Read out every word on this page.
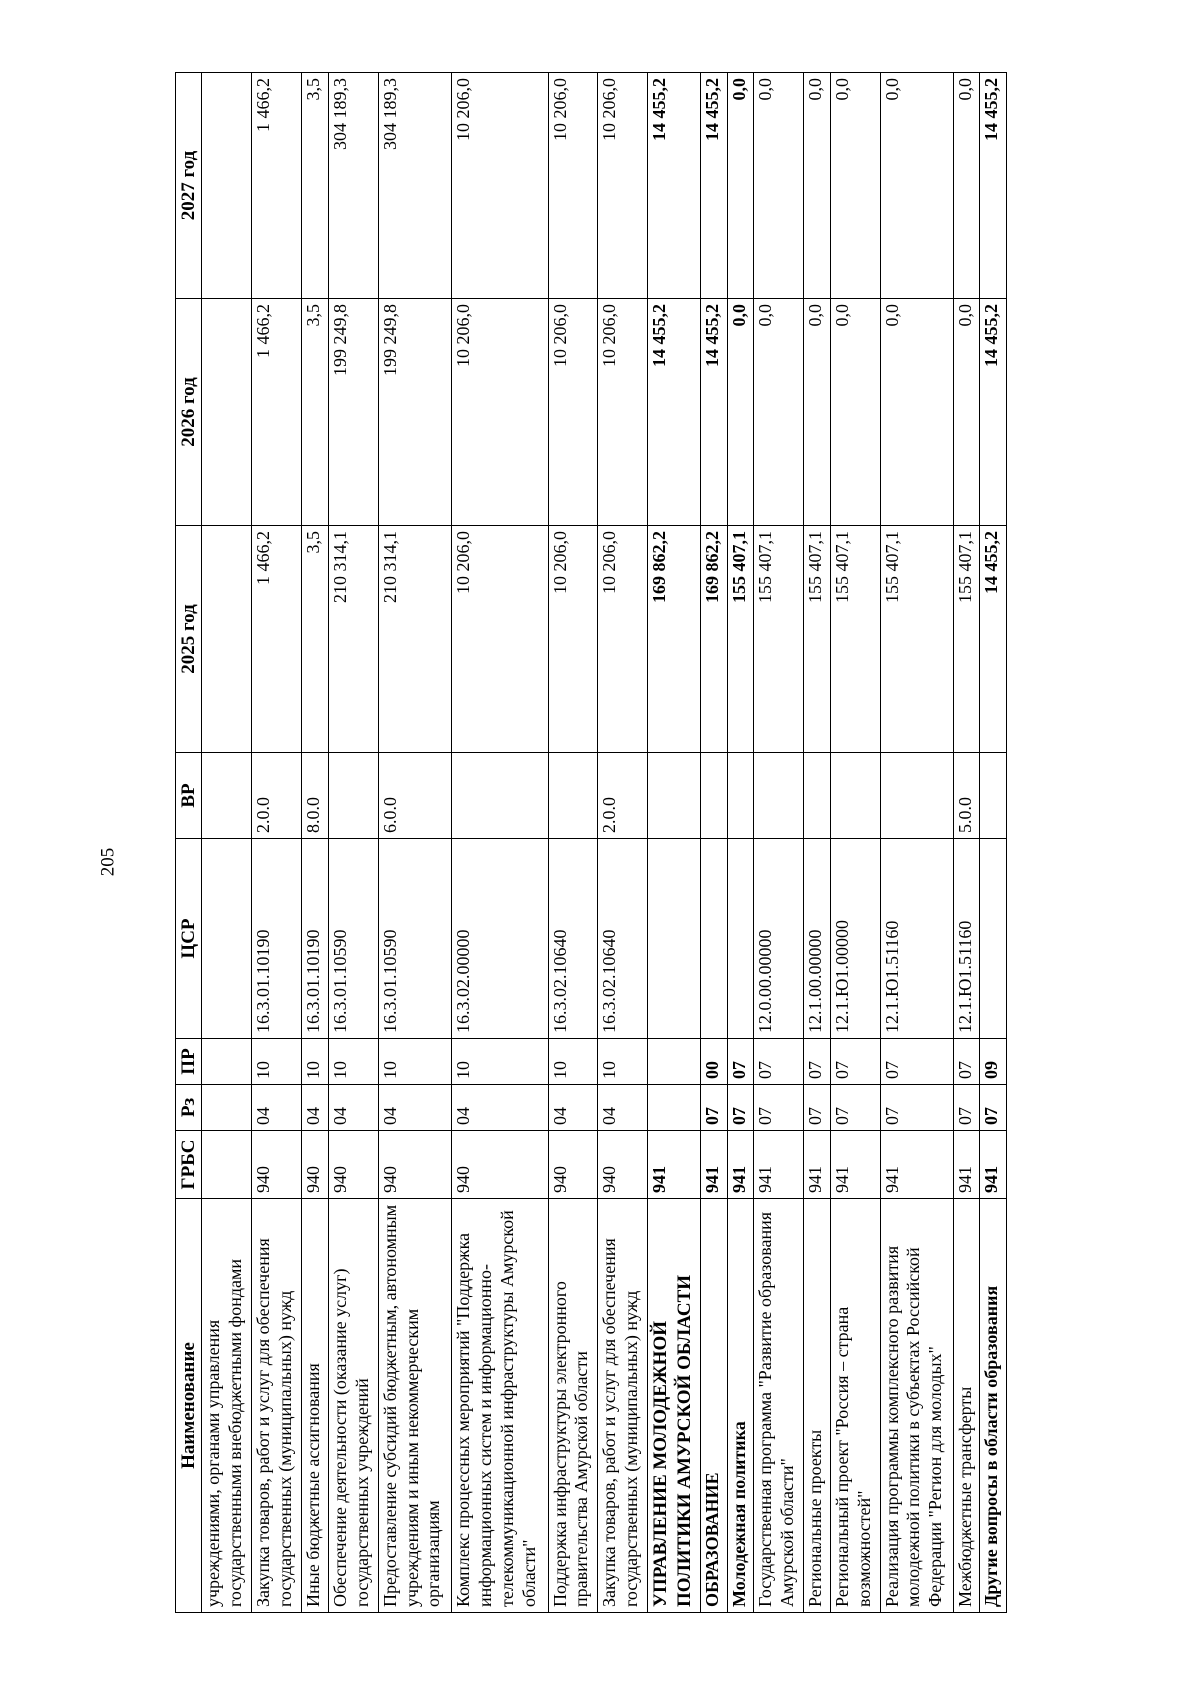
205
Наименование	ГРБС	Рз	ПР	ЦСР	ВР	2025 год	2026 год	2027 год
учреждениями, органами управления государственными внебюджетными фондами								
Закупка товаров, работ и услуг для обеспечения государственных (муниципальных) нужд	940	04	10	16.3.01.10190	2.0.0	1 466,2	1 466,2	1 466,2
Иные бюджетные ассигнования	940	04	10	16.3.01.10190	8.0.0	3,5	3,5	3,5
Обеспечение деятельности (оказание услуг) государственных учреждений	940	04	10	16.3.01.10590		210 314,1	199 249,8	304 189,3
Предоставление субсидий бюджетным, автономным учреждениям и иным некоммерческим организациям	940	04	10	16.3.01.10590	6.0.0	210 314,1	199 249,8	304 189,3
Комплекс процессных мероприятий "Поддержка информационных систем и информационно-телекоммуникационной инфраструктуры Амурской области"	940	04	10	16.3.02.00000		10 206,0	10 206,0	10 206,0
Поддержка инфраструктуры электронного правительства Амурской области	940	04	10	16.3.02.10640		10 206,0	10 206,0	10 206,0
Закупка товаров, работ и услуг для обеспечения государственных (муниципальных) нужд	940	04	10	16.3.02.10640	2.0.0	10 206,0	10 206,0	10 206,0
УПРАВЛЕНИЕ МОЛОДЕЖНОЙ ПОЛИТИКИ АМУРСКОЙ ОБЛАСТИ	941					169 862,2	14 455,2	14 455,2
ОБРАЗОВАНИЕ	941	07	00			169 862,2	14 455,2	14 455,2
Молодежная политика	941	07	07			155 407,1	0,0	0,0
Государственная программа "Развитие образования Амурской области"	941	07	07	12.0.00.00000		155 407,1	0,0	0,0
Региональные проекты	941	07	07	12.1.00.00000		155 407,1	0,0	0,0
Региональный проект "Россия – страна возможностей"	941	07	07	12.1.Ю1.00000		155 407,1	0,0	0,0
Реализация программы комплексного развития молодежной политики в субъектах Российской Федерации "Регион для молодых"	941	07	07	12.1.Ю1.51160		155 407,1	0,0	0,0
Межбюджетные трансферты	941	07	07	12.1.Ю1.51160	5.0.0	155 407,1	0,0	0,0
Другие вопросы в области образования	941	07	09			14 455,2	14 455,2	14 455,2
